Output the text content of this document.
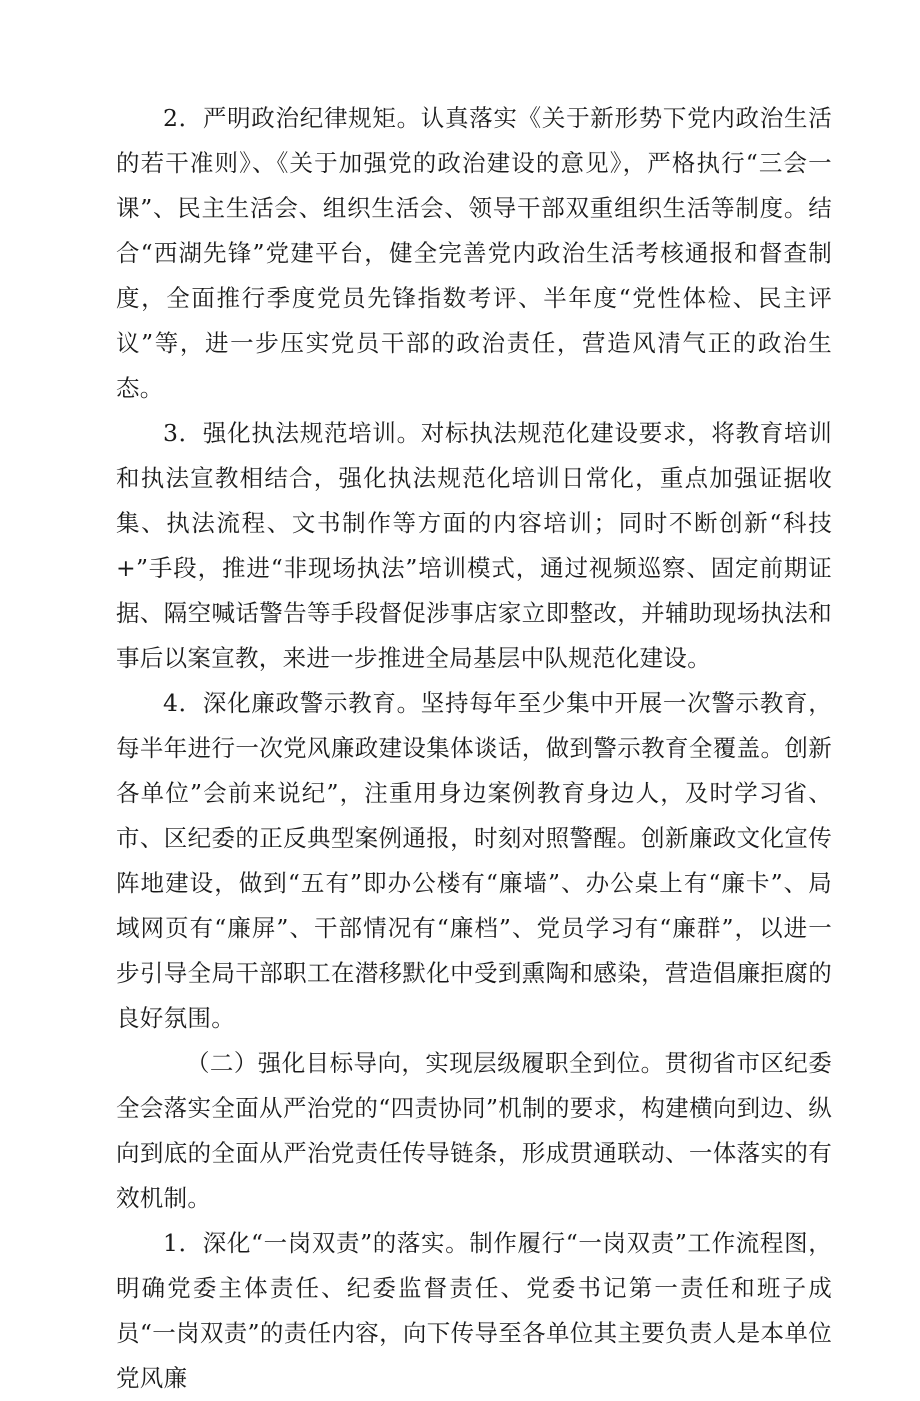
2．严明政治纪律规矩。认真落实《关于新形势下党内政治生活的若干准则》、《关于加强党的政治建设的意见》，严格执行“三会一课”、民主生活会、组织生活会、领导干部双重组织生活等制度。结合“西湖先锋”党建平台，健全完善党内政治生活考核通报和督查制度，全面推行季度党员先锋指数考评、半年度“党性体检、民主评议”等，进一步压实党员干部的政治责任，营造风清气正的政治生态。

3．强化执法规范培训。对标执法规范化建设要求，将教育培训和执法宣教相结合，强化执法规范化培训日常化，重点加强证据收集、执法流程、文书制作等方面的内容培训；同时不断创新“科技+”手段，推进“非现场执法”培训模式，通过视频巡察、固定前期证据、隔空喊话警告等手段督促涉事店家立即整改，并辅助现场执法和事后以案宣教，来进一步推进全局基层中队规范化建设。

4．深化廉政警示教育。坚持每年至少集中开展一次警示教育，每半年进行一次党风廉政建设集体谈话，做到警示教育全覆盖。创新各单位”会前来说纪”，注重用身边案例教育身边人，及时学习省、市、区纪委的正反典型案例通报，时刻对照警醒。创新廉政文化宣传阵地建设，做到“五有”即办公楼有“廉墙”、办公桌上有“廉卡”、局域网页有“廉屏”、干部情况有“廉档”、党员学习有“廉群”，以进一步引导全局干部职工在潜移默化中受到熏陶和感染，营造倡廉拒腐的良好氛围。

（二）强化目标导向，实现层级履职全到位。贯彻省市区纪委全会落实全面从严治党的“四责协同”机制的要求，构建横向到边、纵向到底的全面从严治党责任传导链条，形成贯通联动、一体落实的有效机制。

1．深化“一岗双责”的落实。制作履行“一岗双责”工作流程图，明确党委主体责任、纪委监督责任、党委书记第一责任和班子成员“一岗双责”的责任内容，向下传导至各单位其主要负责人是本单位党风廉
